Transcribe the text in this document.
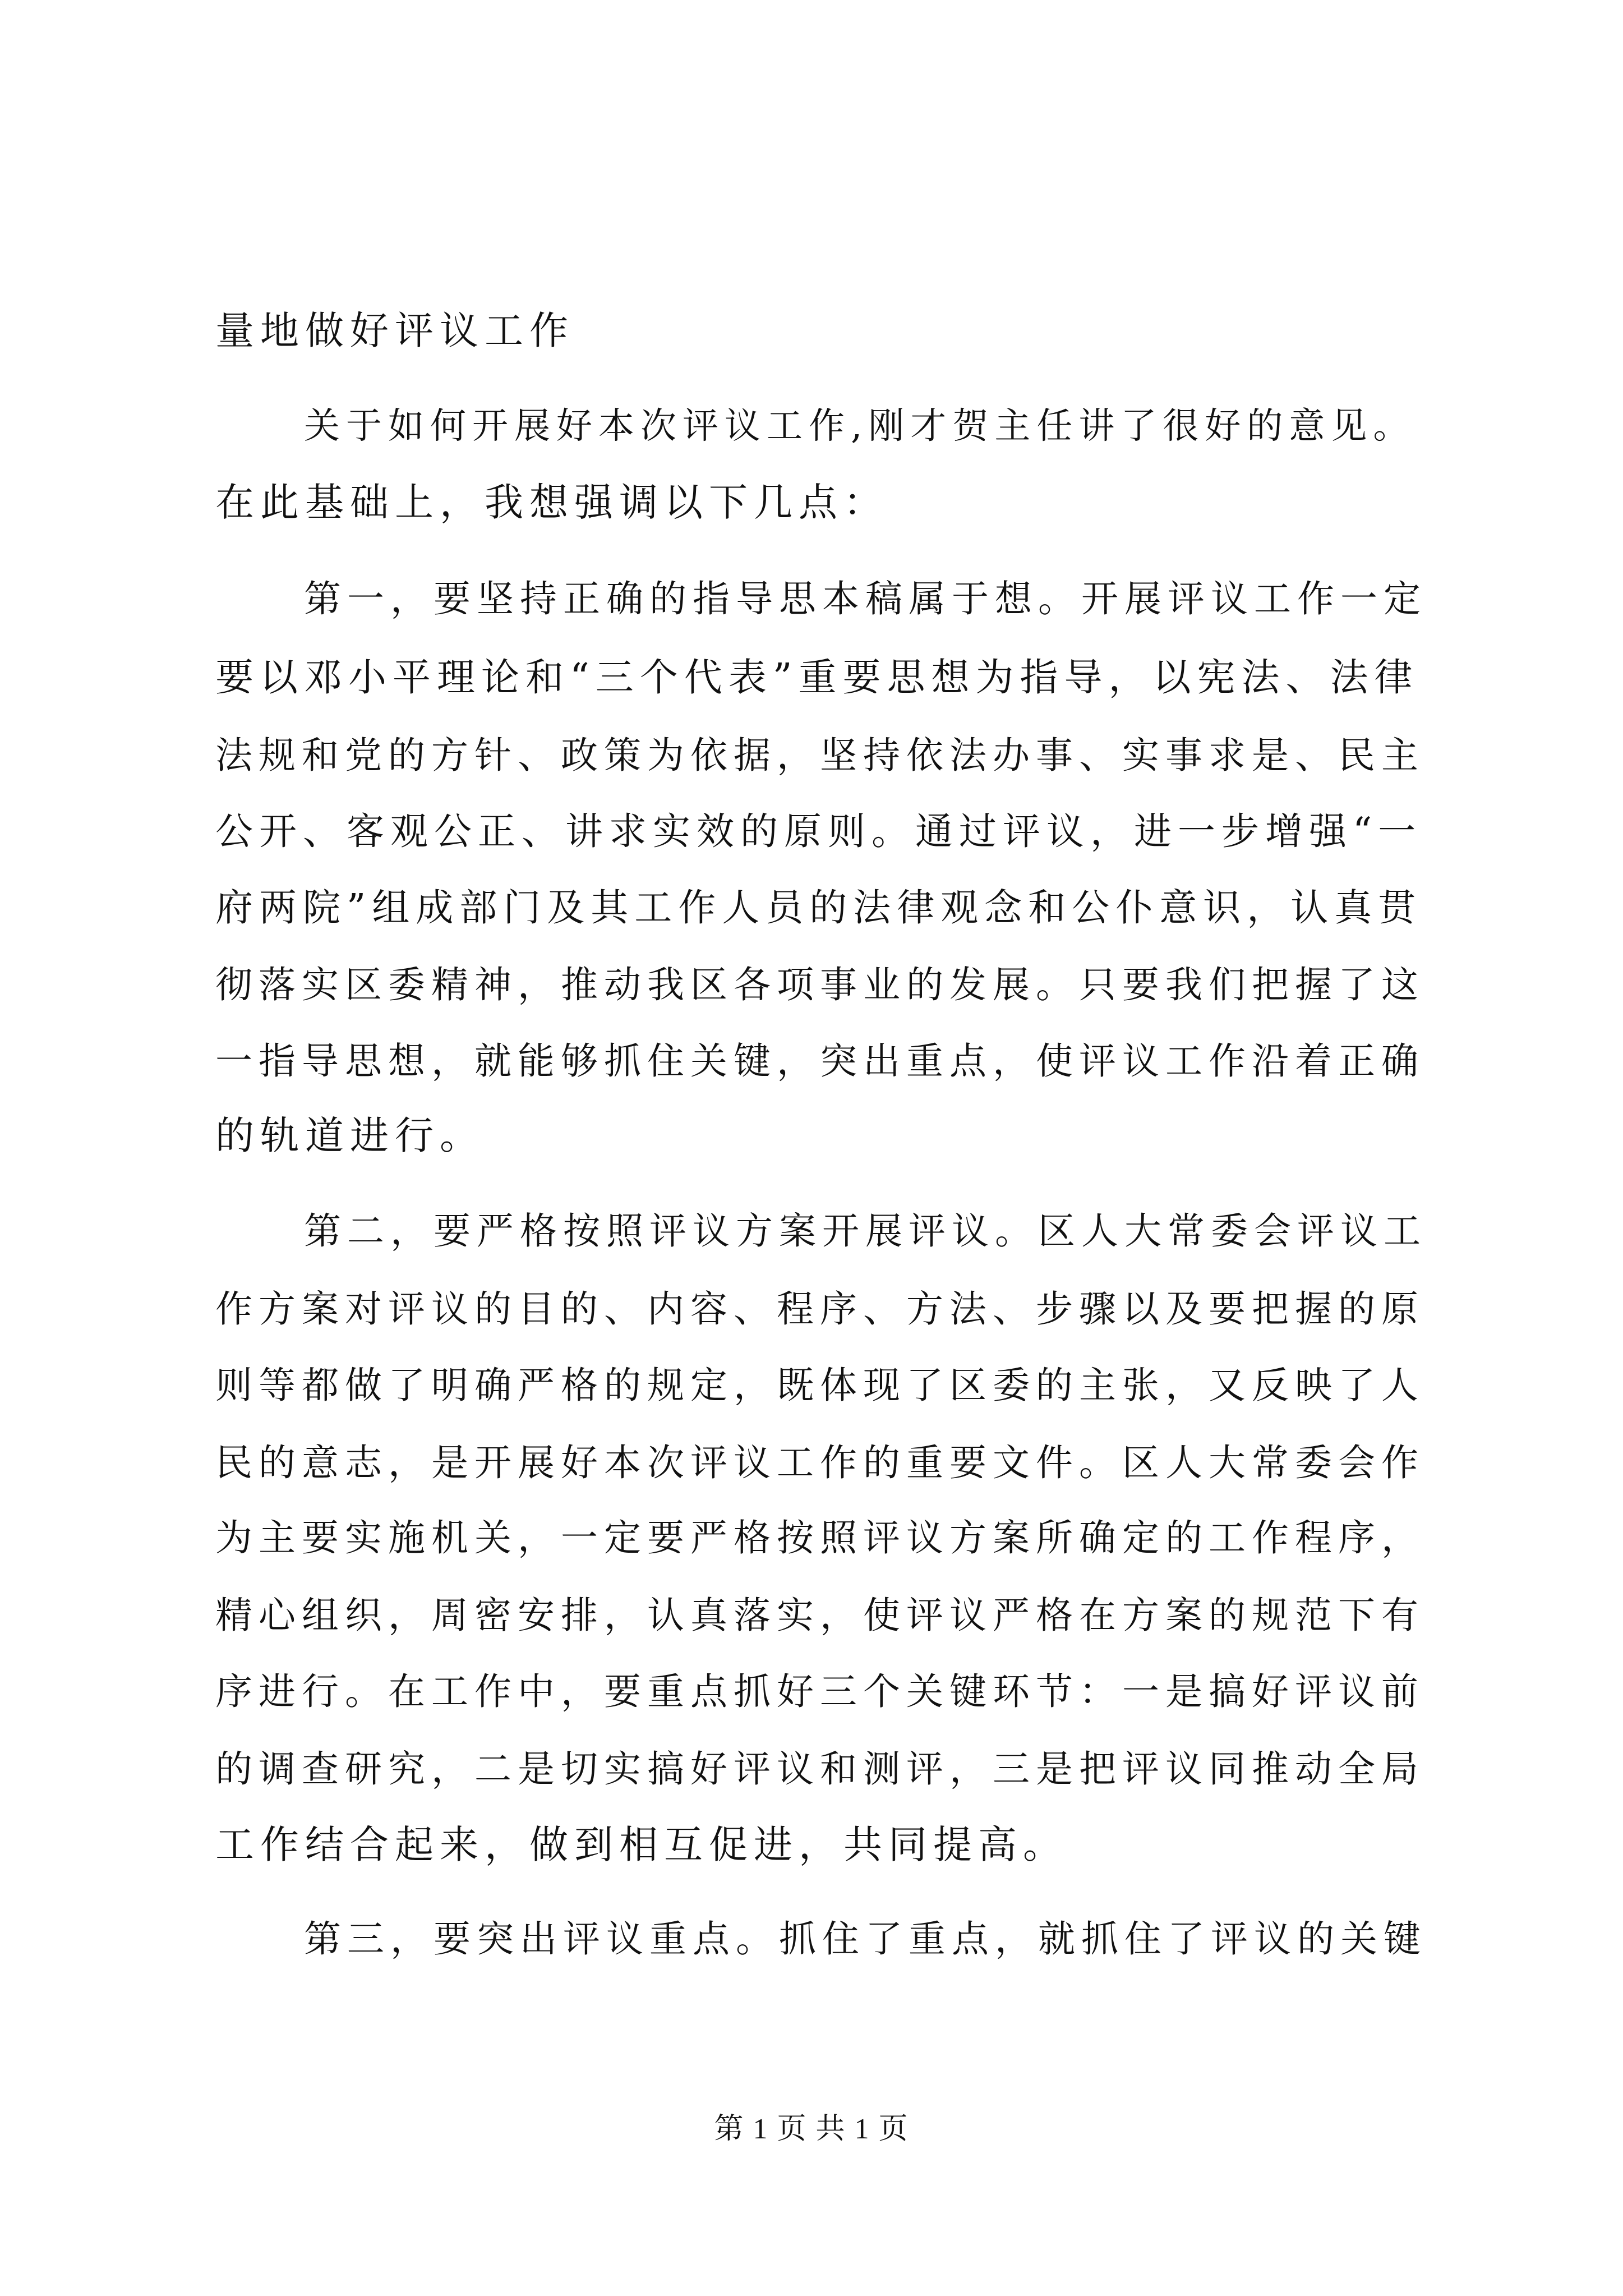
量地做好评议工作
关于如何开展好本次评议工作,刚才贺主任讲了很好的意见。
在此基础上，我想强调以下几点：
第一，要坚持正确的指导思本稿属于想。开展评议工作一定
要以邓小平理论和“三个代表”重要思想为指导，以宪法、法律
法规和党的方针、政策为依据，坚持依法办事、实事求是、民主
公开、客观公正、讲求实效的原则。通过评议，进一步增强“一
府两院”组成部门及其工作人员的法律观念和公仆意识，认真贯
彻落实区委精神，推动我区各项事业的发展。只要我们把握了这
一指导思想，就能够抓住关键，突出重点，使评议工作沿着正确
的轨道进行。
第二，要严格按照评议方案开展评议。区人大常委会评议工
作方案对评议的目的、内容、程序、方法、步骤以及要把握的原
则等都做了明确严格的规定，既体现了区委的主张，又反映了人
民的意志，是开展好本次评议工作的重要文件。区人大常委会作
为主要实施机关，一定要严格按照评议方案所确定的工作程序，
精心组织，周密安排，认真落实，使评议严格在方案的规范下有
序进行。在工作中，要重点抓好三个关键环节：一是搞好评议前
的调查研究，二是切实搞好评议和测评，三是把评议同推动全局
工作结合起来，做到相互促进，共同提高。
第三，要突出评议重点。抓住了重点，就抓住了评议的关键
第 1 页 共 1 页
